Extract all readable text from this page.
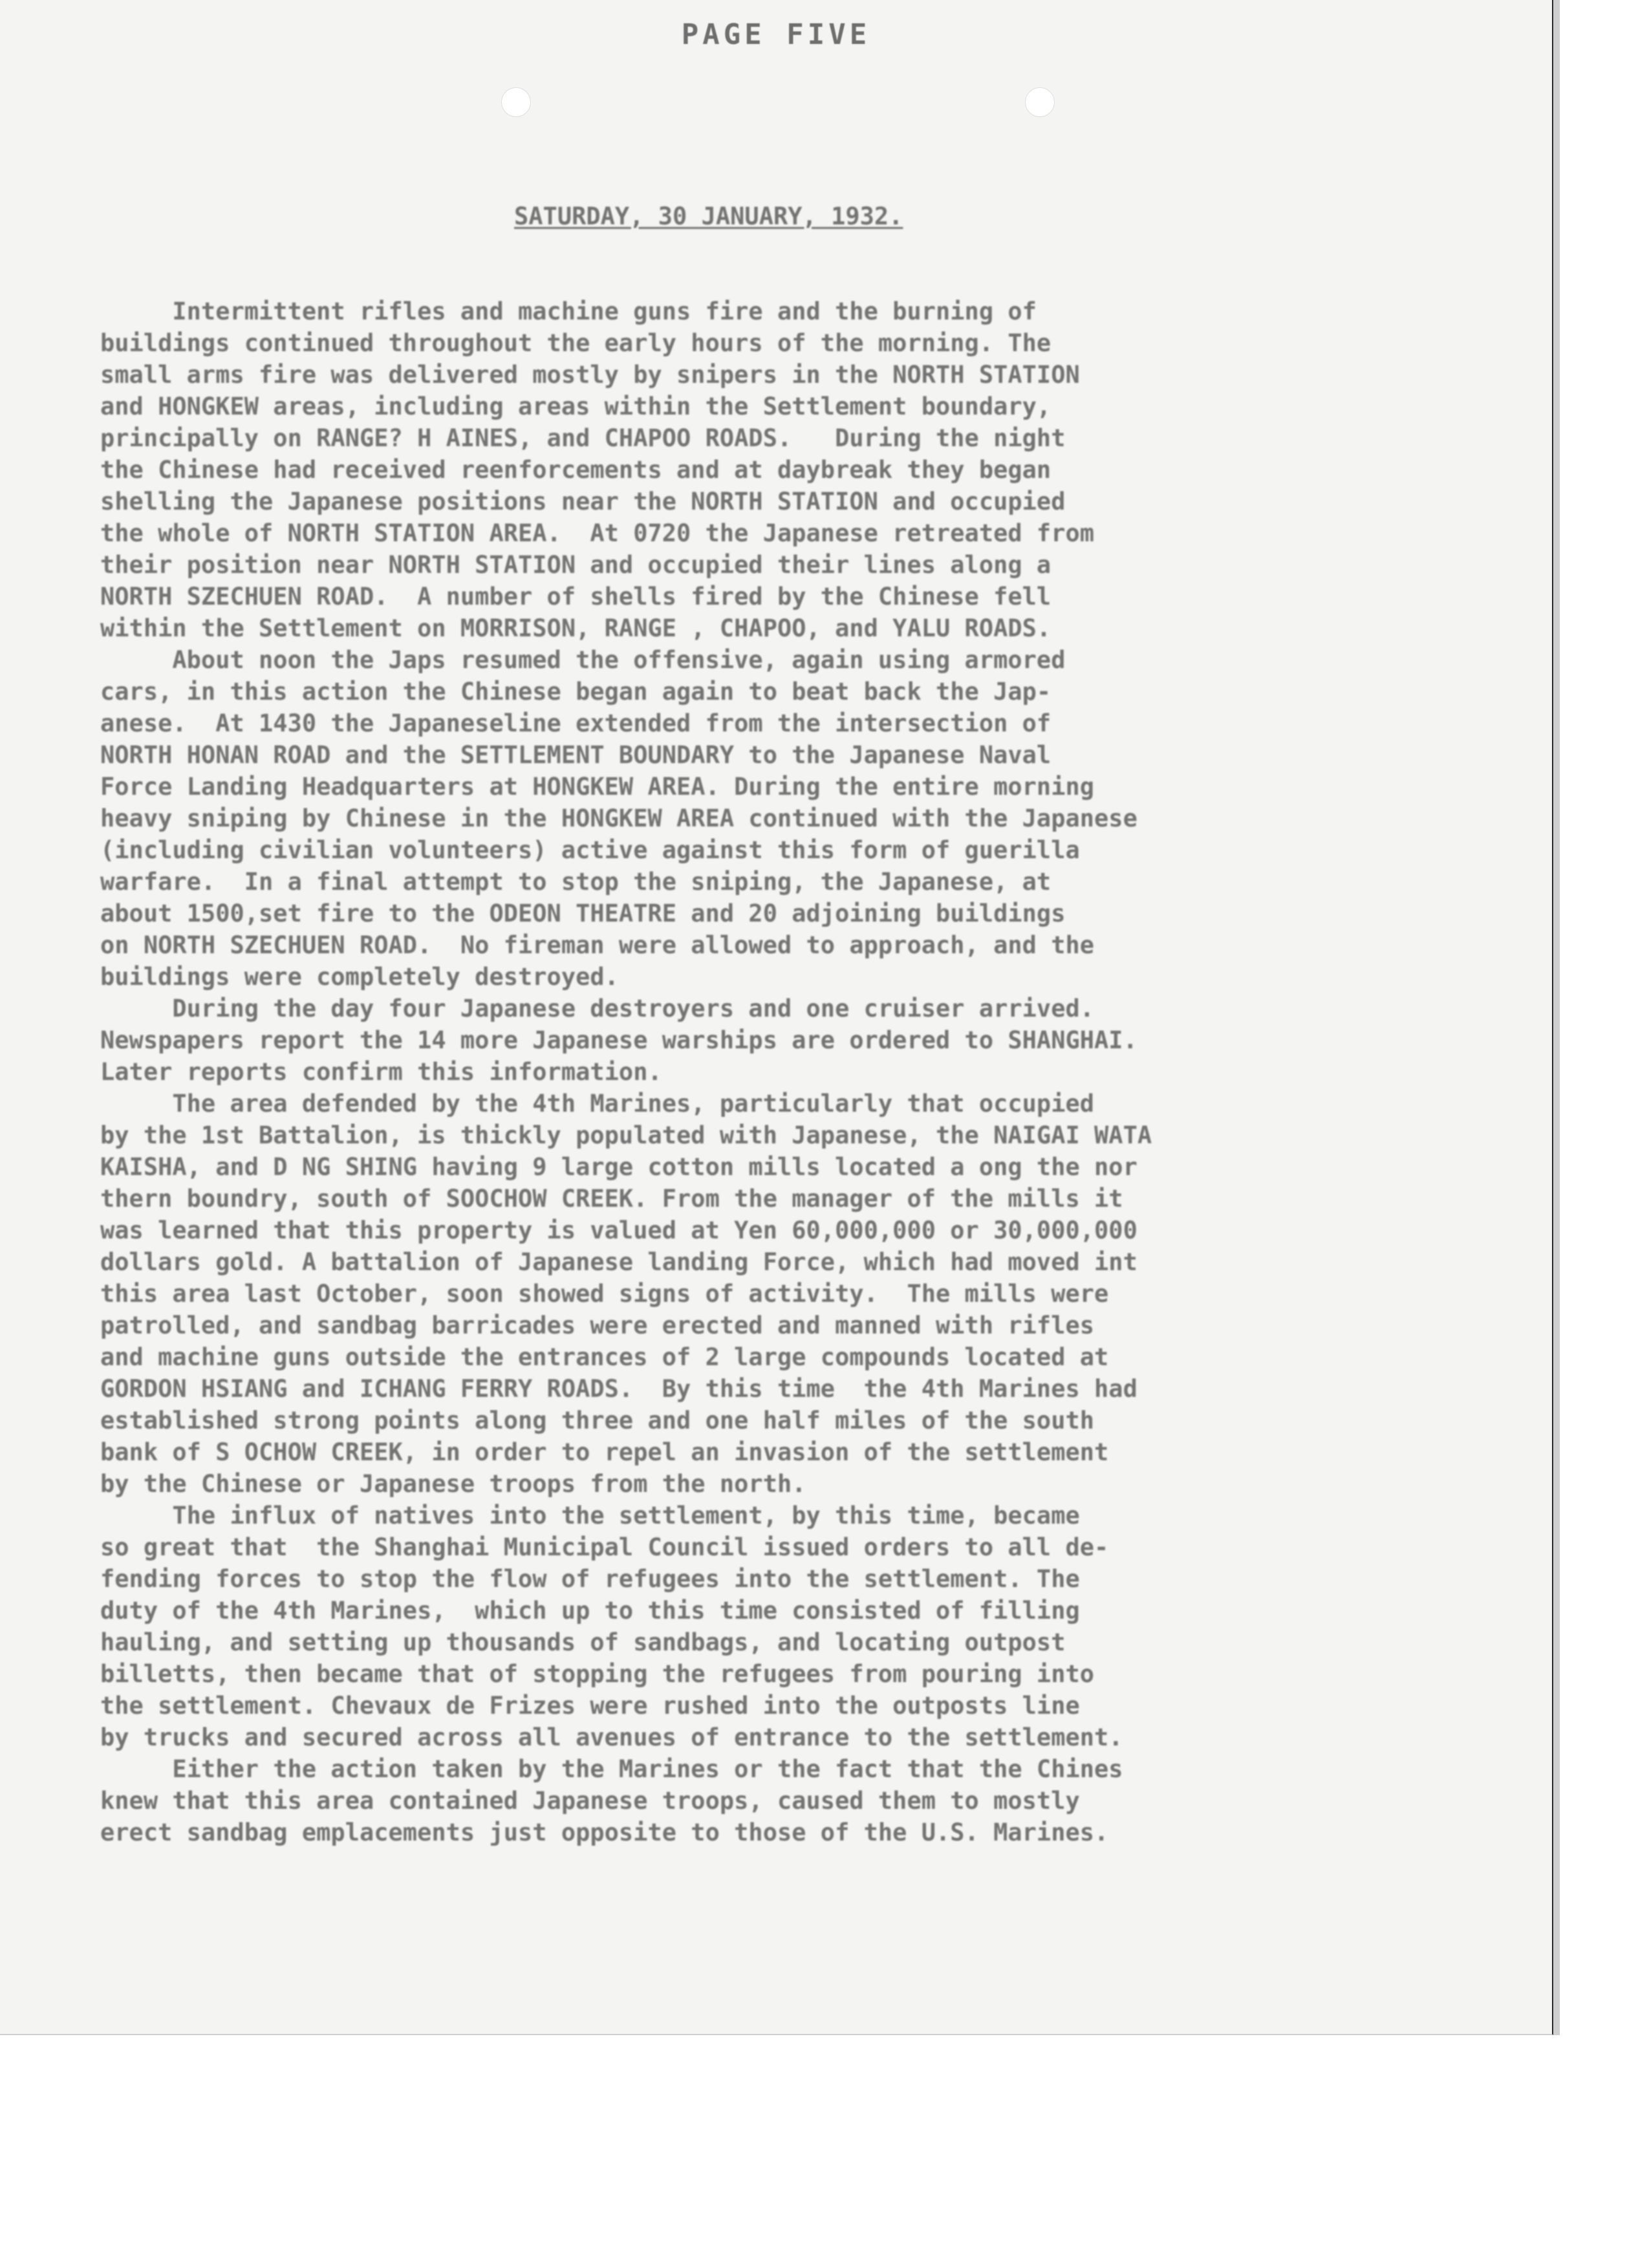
PAGE FIVE

SATURDAY, 30 JANUARY, 1932.

Intermittent rifles and machine guns fire and the burning of
buildings continued throughout the early hours of the morning. The
small arms fire was delivered mostly by snipers in the NORTH STATION
and HONGKEW areas, including areas within the Settlement boundary,
principally on RANGE? H AINES, and CHAPOO ROADS.   During the night
the Chinese had received reenforcements and at daybreak they began
shelling the Japanese positions near the NORTH STATION and occupied
the whole of NORTH STATION AREA.  At 0720 the Japanese retreated from
their position near NORTH STATION and occupied their lines along a
NORTH SZECHUEN ROAD.  A number of shells fired by the Chinese fell
within the Settlement on MORRISON, RANGE , CHAPOO, and YALU ROADS.
About noon the Japs resumed the offensive, again using armored
cars, in this action the Chinese began again to beat back the Jap-
anese.  At 1430 the Japaneseline extended from the intersection of
NORTH HONAN ROAD and the SETTLEMENT BOUNDARY to the Japanese Naval
Force Landing Headquarters at HONGKEW AREA. During the entire morning
heavy sniping by Chinese in the HONGKEW AREA continued with the Japanese
(including civilian volunteers) active against this form of guerilla
warfare.  In a final attempt to stop the sniping, the Japanese, at
about 1500,set fire to the ODEON THEATRE and 20 adjoining buildings
on NORTH SZECHUEN ROAD.  No fireman were allowed to approach, and the
buildings were completely destroyed.
During the day four Japanese destroyers and one cruiser arrived.
Newspapers report the 14 more Japanese warships are ordered to SHANGHAI.
Later reports confirm this information.
The area defended by the 4th Marines, particularly that occupied
by the 1st Battalion, is thickly populated with Japanese, the NAIGAI WATA
KAISHA, and D NG SHING having 9 large cotton mills located a ong the nor
thern boundry, south of SOOCHOW CREEK. From the manager of the mills it
was learned that this property is valued at Yen 60,000,000 or 30,000,000
dollars gold. A battalion of Japanese landing Force, which had moved int
this area last October, soon showed signs of activity.  The mills were
patrolled, and sandbag barricades were erected and manned with rifles
and machine guns outside the entrances of 2 large compounds located at
GORDON HSIANG and ICHANG FERRY ROADS.  By this time  the 4th Marines had
established strong points along three and one half miles of the south
bank of S OCHOW CREEK, in order to repel an invasion of the settlement
by the Chinese or Japanese troops from the north.
The influx of natives into the settlement, by this time, became
so great that  the Shanghai Municipal Council issued orders to all de-
fending forces to stop the flow of refugees into the settlement. The
duty of the 4th Marines,  which up to this time consisted of filling
hauling, and setting up thousands of sandbags, and locating outpost
billetts, then became that of stopping the refugees from pouring into
the settlement. Chevaux de Frizes were rushed into the outposts line
by trucks and secured across all avenues of entrance to the settlement.
Either the action taken by the Marines or the fact that the Chines
knew that this area contained Japanese troops, caused them to mostly
erect sandbag emplacements just opposite to those of the U.S. Marines.
